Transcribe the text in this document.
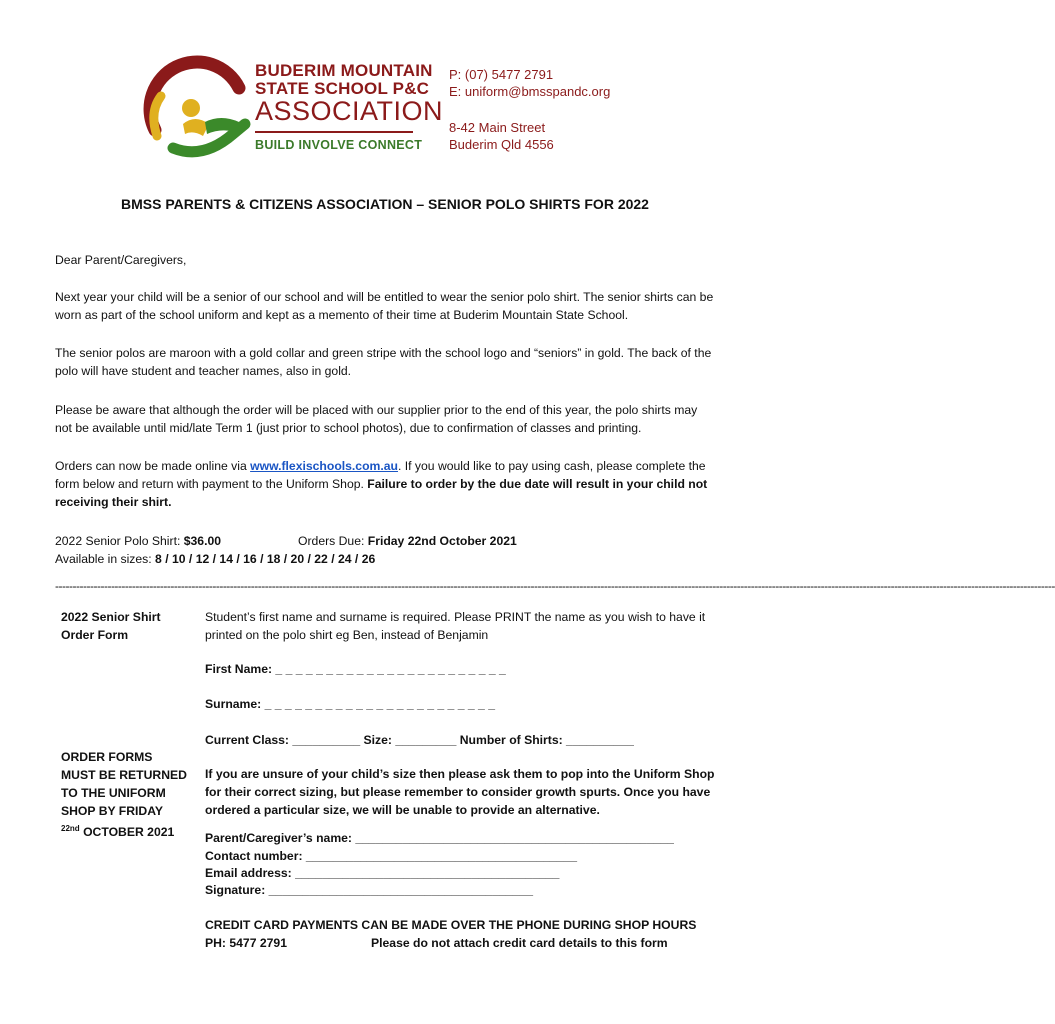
BUDERIM MOUNTAIN
STATE SCHOOL P&C
ASSOCIATION
BUILD INVOLVE CONNECT
P: (07) 5477 2791
E: uniform@bmsspandc.org
8-42 Main Street
Buderim Qld 4556
BMSS PARENTS & CITIZENS ASSOCIATION – SENIOR POLO SHIRTS FOR 2022

Dear Parent/Caregivers,

Next year your child will be a senior of our school and will be entitled to wear the senior polo shirt. The senior shirts can be worn as part of the school uniform and kept as a memento of their time at Buderim Mountain State School.

The senior polos are maroon with a gold collar and green stripe with the school logo and “seniors” in gold. The back of the polo will have student and teacher names, also in gold.

Please be aware that although the order will be placed with our supplier prior to the end of this year, the polo shirts may not be available until mid/late Term 1 (just prior to school photos), due to confirmation of classes and printing.

Orders can now be made online via www.flexischools.com.au. If you would like to pay using cash, please complete the form below and return with payment to the Uniform Shop. Failure to order by the due date will result in your child not receiving their shirt.

2022 Senior Polo Shirt: $36.00	Orders Due: Friday 22nd October 2021
Available in sizes: 8 / 10 / 12 / 14 / 16 / 18 / 20 / 22 / 24 / 26
----------------------------------------------------------------------------------------------------------------------------------------------------------------------------------------------------------------------------------------------------------------------------------------------
2022 Senior Shirt
Order Form
ORDER FORMS
MUST BE RETURNED
TO THE UNIFORM
SHOP BY FRIDAY
$^{22nd}$ OCTOBER 2021
Student’s first name and surname is required. Please PRINT the name as you wish to have it printed on the polo shirt eg Ben, instead of Benjamin
First Name: _ _ _ _ _ _ _ _ _ _ _ _ _ _ _ _ _ _ _ _ _ _ _
Surname: _ _ _ _ _ _ _ _ _ _ _ _ _ _ _ _ _ _ _ _ _ _ _
Current Class: __________ Size: _________ Number of Shirts: __________
If you are unsure of your child’s size then please ask them to pop into the Uniform Shop for their correct sizing, but please remember to consider growth spurts. Once you have ordered a particular size, we will be unable to provide an alternative.
Parent/Caregiver’s name: _______________________________________________
Contact number: ________________________________________
Email address: _______________________________________
Signature: _______________________________________
CREDIT CARD PAYMENTS CAN BE MADE OVER THE PHONE DURING SHOP HOURS
PH: 5477 2791	Please do not attach credit card details to this form
